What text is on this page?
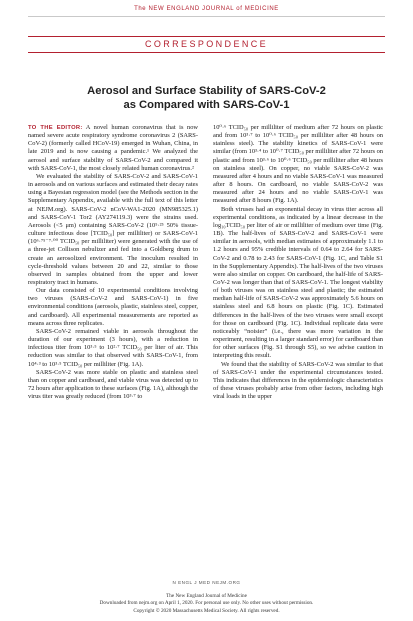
The NEW ENGLAND JOURNAL of MEDICINE
CORRESPONDENCE
Aerosol and Surface Stability of SARS-CoV-2
as Compared with SARS-CoV-1

TO THE EDITOR: A novel human coronavirus that is now named severe acute respiratory syndrome coronavirus 2 (SARS-CoV-2) (formerly called HCoV-19) emerged in Wuhan, China, in late 2019 and is now causing a pandemic.¹ We analyzed the aerosol and surface stability of SARS-CoV-2 and compared it with SARS-CoV-1, the most closely related human coronavirus.²

We evaluated the stability of SARS-CoV-2 and SARS-CoV-1 in aerosols and on various surfaces and estimated their decay rates using a Bayesian regression model (see the Methods section in the Supplementary Appendix, available with the full text of this letter at NEJM.org). SARS-CoV-2 nCoV-WA1-2020 (MN985325.1) and SARS-CoV-1 Tor2 (AY274119.3) were the strains used. Aerosols (<5 μm) containing SARS-CoV-2 (10⁵·²⁵ 50% tissue-culture infectious dose [TCID₅₀] per milliliter) or SARS-CoV-1 (10⁶·⁷⁵⁻⁷·⁰⁰ TCID₅₀ per milliliter) were generated with the use of a three-jet Collison nebulizer and fed into a Goldberg drum to create an aerosolized environment. The inoculum resulted in cycle-threshold values between 20 and 22, similar to those observed in samples obtained from the upper and lower respiratory tract in humans.

Our data consisted of 10 experimental conditions involving two viruses (SARS-CoV-2 and SARS-CoV-1) in five environmental conditions (aerosols, plastic, stainless steel, copper, and cardboard). All experimental measurements are reported as means across three replicates.

SARS-CoV-2 remained viable in aerosols throughout the duration of our experiment (3 hours), with a reduction in infectious titer from 10³·⁵ to 10²·⁷ TCID₅₀ per liter of air. This reduction was similar to that observed with SARS-CoV-1, from 10⁴·³ to 10³·⁵ TCID₅₀ per milliliter (Fig. 1A).

SARS-CoV-2 was more stable on plastic and stainless steel than on copper and cardboard, and viable virus was detected up to 72 hours after application to these surfaces (Fig. 1A), although the virus titer was greatly reduced (from 10³·⁷ to

10⁰·⁶ TCID₅₀ per milliliter of medium after 72 hours on plastic and from 10³·⁷ to 10⁰·⁶ TCID₅₀ per milliliter after 48 hours on stainless steel). The stability kinetics of SARS-CoV-1 were similar (from 10³·⁴ to 10⁰·⁷ TCID₅₀ per milliliter after 72 hours on plastic and from 10³·⁶ to 10⁰·⁶ TCID₅₀ per milliliter after 48 hours on stainless steel). On copper, no viable SARS-CoV-2 was measured after 4 hours and no viable SARS-CoV-1 was measured after 8 hours. On cardboard, no viable SARS-CoV-2 was measured after 24 hours and no viable SARS-CoV-1 was measured after 8 hours (Fig. 1A).

Both viruses had an exponential decay in virus titer across all experimental conditions, as indicated by a linear decrease in the log₁₀TCID₅₀ per liter of air or milliliter of medium over time (Fig. 1B). The half-lives of SARS-CoV-2 and SARS-CoV-1 were similar in aerosols, with median estimates of approximately 1.1 to 1.2 hours and 95% credible intervals of 0.64 to 2.64 for SARS-CoV-2 and 0.78 to 2.43 for SARS-CoV-1 (Fig. 1C, and Table S1 in the Supplementary Appendix). The half-lives of the two viruses were also similar on copper. On cardboard, the half-life of SARS-CoV-2 was longer than that of SARS-CoV-1. The longest viability of both viruses was on stainless steel and plastic; the estimated median half-life of SARS-CoV-2 was approximately 5.6 hours on stainless steel and 6.8 hours on plastic (Fig. 1C). Estimated differences in the half-lives of the two viruses were small except for those on cardboard (Fig. 1C). Individual replicate data were noticeably “noisier” (i.e., there was more variation in the experiment, resulting in a larger standard error) for cardboard than for other surfaces (Fig. S1 through S5), so we advise caution in interpreting this result.

We found that the stability of SARS-CoV-2 was similar to that of SARS-CoV-1 under the experimental circumstances tested. This indicates that differences in the epidemiologic characteristics of these viruses probably arise from other factors, including high viral loads in the upper

N ENGL J MED NEJM.ORG
The New England Journal of Medicine
Downloaded from nejm.org on April 1, 2020. For personal use only. No other uses without permission.
Copyright © 2020 Massachusetts Medical Society. All rights reserved.
